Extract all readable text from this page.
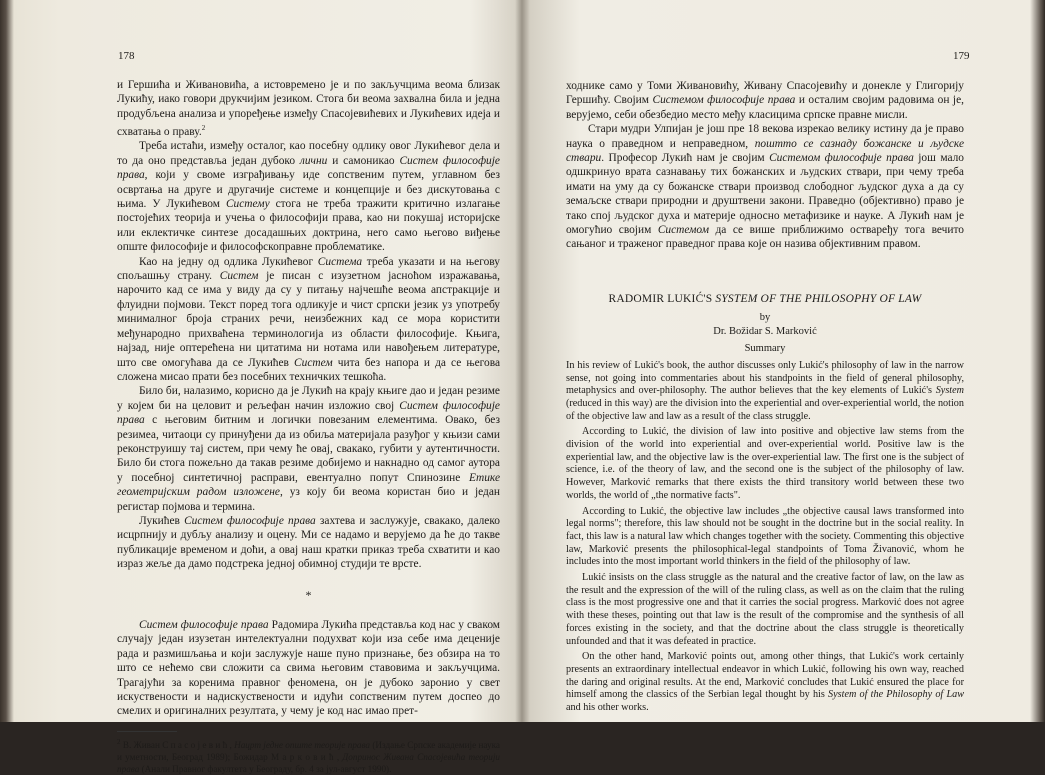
178

и Гершића и Живановића, а истовремено је и по закључцима веома близак Лукићу, иако говори друкчијим језиком. Стога би веома захвална била и једна продубљена анализа и упоређење између Спасојевићевих и Лукићевих идеја и схватања о праву.$^2$

Треба истаћи, између осталог, као посебну одлику овог Лукићевог дела и то да оно представља један дубоко лични и самоникао Систем философије права, који у своме изграђивању иде сопственим путем, углавном без освртања на друге и другачије системе и концепције и без дискутовања с њима. У Лукићевом Систему стога не треба тражити критично излагање постојећих теорија и учења о философији права, као ни покушај историјске или еклектичке синтезе досадашњих доктрина, него само његово виђење опште философије и философскоправне проблематике.

Као на једну од одлика Лукићевог Система треба указати и на његову спољашњу страну. Систем је писан с изузетном јасноћом изражавања, нарочито кад се има у виду да су у питању најчешће веома апстракције и флуидни појмови. Текст поред тога одликује и чист српски језик уз употребу минималног броја страних речи, неизбежних кад се мора користити међународно прихваћена терминологија из области философије. Књига, најзад, није оптерећена ни цитатима ни нотама или навођењем литературе, што све омогућава да се Лукићев Систем чита без напора и да се његова сложена мисао прати без посебних техничких тешкоћа.

Било би, налазимо, корисно да је Лукић на крају књиге дао и један резиме у којем би на целовит и рељефан начин изложио свој Систем философије права с његовим битним и логички повезаним елементима. Овако, без резимеа, читаоци су принуђени да из обиља материјала разуђог у књизи сами реконструишу тај систем, при чему ће овај, свакако, губити у аутентичности. Било би стога пожељно да такав резиме добијемо и накнадно од самог аутора у посебној синтетичној расправи, евентуално попут Спинозине Етике геометријским радом изложене, уз коју би веома користан био и један регистар појмова и термина.

Лукићев Систем философије права захтева и заслужује, свакако, далеко исцрпнију и дубљу анализу и оцену. Ми се надамо и верујемо да ће до такве публикације временом и доћи, а овај наш кратки приказ треба схватити и као израз жеље да дамо подстрека једној обимној студији те врсте.

*

Систем философије права Радомира Лукића представља код нас у сваком случају један изузетан интелектуални подухват који иза себе има деценије рада и размишљања и који заслужује наше пуно признање, без обзира на то што се нећемо сви сложити са свима његовим ставовима и закључцима. Трагајући за коренима правног феномена, он је дубоко заронио у свет искуствености и надискуствености и идући сопственим путем доспео до смелих и оригиналних резултата, у чему је код нас имао прет-

$^2$ В. Живан С п а с о ј е в и ћ , Нацрт једне опште теорије права (Издање Српске академије наука и уметности, Београд 1989); Божидар М а р к о в и ћ , Допринос Живана Спасојевића теорији права (Анали Правног факултета у Београду, бр. 4 за јул-август 1990).
179

ходнике само у Томи Живановићу, Живану Спасојевићу и донекле у Глигорију Гершићу. Својим Системом философије права и осталим својим радовима он је, верујемо, себи обезбедио место међу класицима српске правне мисли.

Стари мудри Улпијан је још пре 18 векова изрекао велику истину да је право наука о праведном и неправедном, поштто се сазнаду божанске и људске ствари. Професор Лукић нам је својим Системом философије права још мало одшкринуо врата сазнавању тих божанских и људских ствари, при чему треба имати на уму да су божанске ствари производ слободног људског духа а да су земаљске ствари природни и друштвени закони. Праведно (објективно) право је тако спој људског духа и материје односно метафизике и науке. А Лукић нам је омогућио својим Системом да се више приближимо остваређу тога вечито сањаног и траженог праведног права које он назива објективним правом.

RADOMIR LUKIĆ'S SYSTEM OF THE PHILOSOPHY OF LAW
by
Dr. Božidar S. Marković
Summary

In his review of Lukić's book, the author discusses only Lukić's philosophy of law in the narrow sense, not going into commentaries about his standpoints in the field of general philosophy, metaphysics and over-philosophy. The author believes that the key elements of Lukić's System (reduced in this way) are the division into the experiential and over-experiential world, the notion of the objective law and law as a result of the class struggle.

According to Lukić, the division of law into positive and objective law stems from the division of the world into experiential and over-experiential world. Positive law is the experiential law, and the objective law is the over-experiential law. The first one is the subject of science, i.e. of the theory of law, and the second one is the subject of the philosophy of law. However, Marković remarks that there exists the third transitory world between these two worlds, the world of „the normative facts".

According to Lukić, the objective law includes „the objective causal laws transformed into legal norms"; therefore, this law should not be sought in the doctrine but in the social reality. In fact, this law is a natural law which changes together with the society. Commenting this objective law, Marković presents the philosophical-legal standpoints of Toma Živanović, whom he includes into the most important world thinkers in the field of the philosophy of law.

Lukić insists on the class struggle as the natural and the creative factor of law, on the law as the result and the expression of the will of the ruling class, as well as on the claim that the ruling class is the most progressive one and that it carries the social progress. Marković does not agree with these theses, pointing out that law is the result of the compromise and the synthesis of all forces existing in the society, and that the doctrine about the class struggle is theoretically unfounded and that it was defeated in practice.

On the other hand, Marković points out, among other things, that Lukić's work certainly presents an extraordinary intellectual endeavor in which Lukić, following his own way, reached the daring and original results. At the end, Marković concludes that Lukić ensured the place for himself among the classics of the Serbian legal thought by his System of the Philosophy of Law and his other works.
